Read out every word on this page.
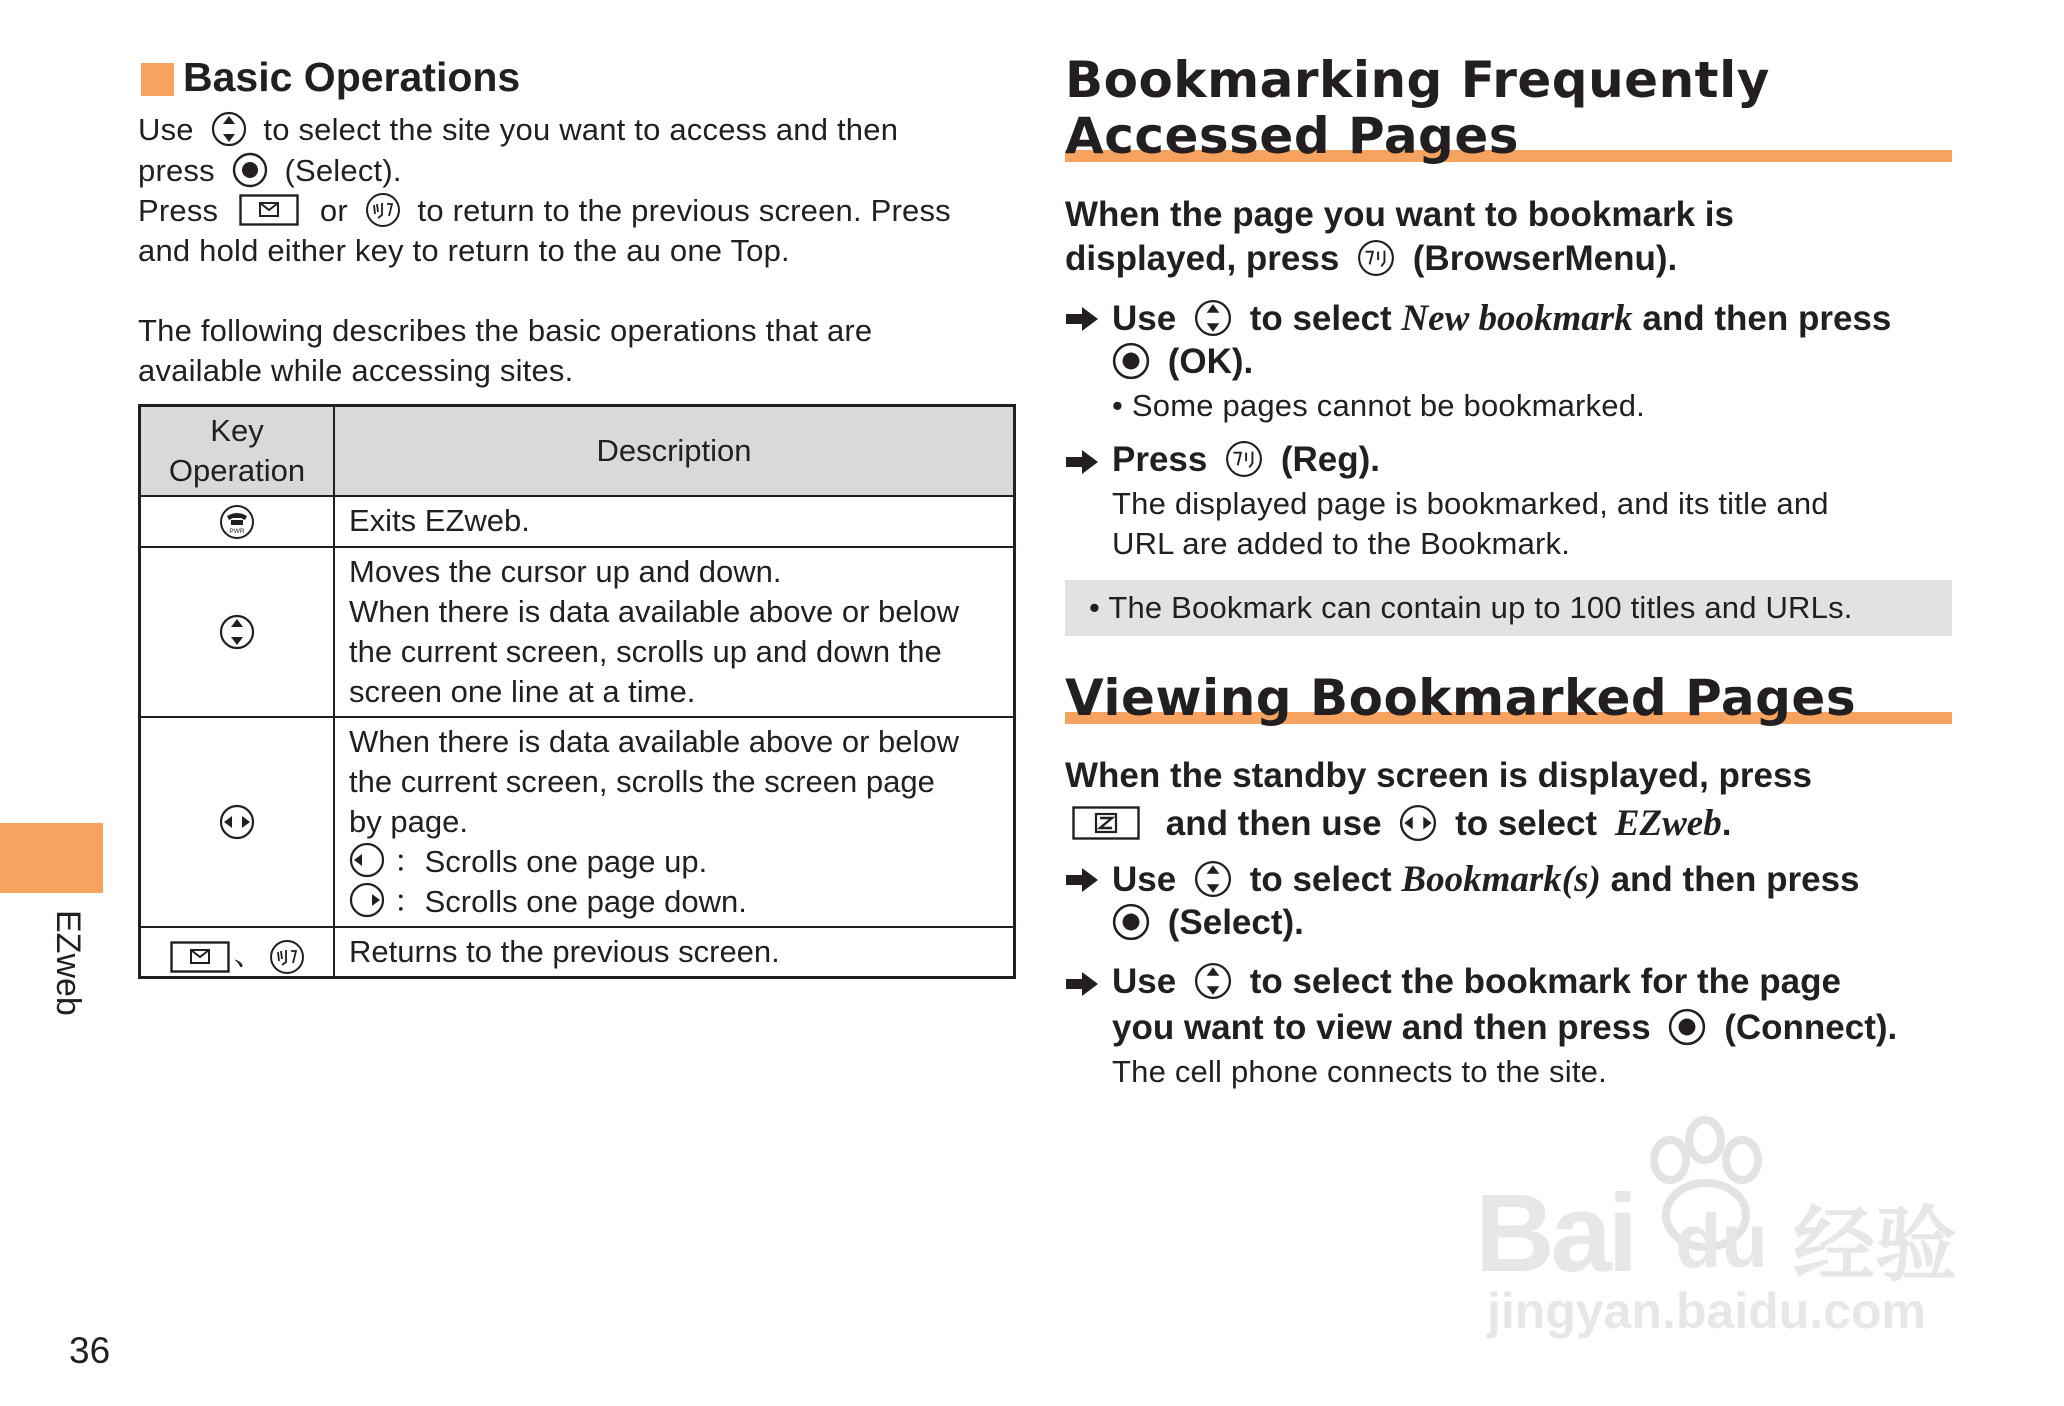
Basic Operations
Use to select the site you want to access and then
press (Select).
Press	or to return to the previous screen. Press
and hold either key to return to the au one Top.
The following describes the basic operations that are
available while accessing sites.
Key
Operation	Description

Exits EZweb.

Moves the cursor up and down.
When there is data available above or below
the current screen, scrolls up and down the
screen one line at a time.

When there is data available above or below
the current screen, scrolls the screen page
by page.
：Scrolls one page up.
：Scrolls one page down.

、	Returns to the previous screen.
EZweb
36
Bookmarking Frequently
Accessed Pages
When the page you want to bookmark is
displayed, press (BrowserMenu).
Use to select New bookmark and then press
(OK).
• Some pages cannot be bookmarked.
Press (Reg).
The displayed page is bookmarked, and its title and
URL are added to the Bookmark.
• The Bookmark can contain up to 100 titles and URLs.
Viewing Bookmarked Pages
When the standby screen is displayed, press
and then use to select EZweb.
Use to select Bookmark(s) and then press
(Select).
Use to select the bookmark for the page
you want to view and then press (Connect).
The cell phone connects to the site.
Bai du 经验
jingyan.baidu.com
